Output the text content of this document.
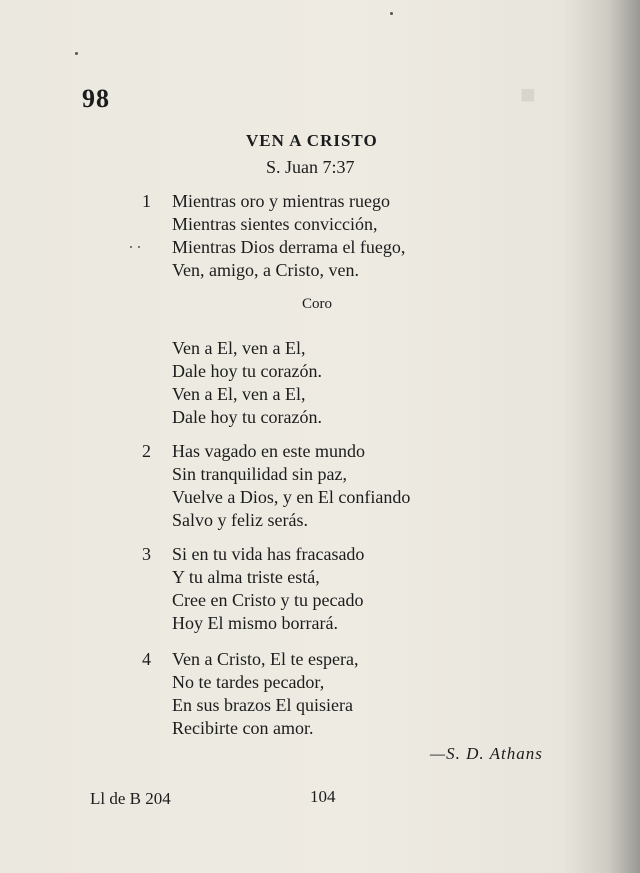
■
98
VEN A CRISTO
S. Juan 7:37
1 Mientras oro y mientras ruego
Mientras sientes convicción,
Mientras Dios derrama el fuego,
Ven, amigo, a Cristo, ven.
Coro
Ven a El, ven a El,
Dale hoy tu corazón.
Ven a El, ven a El,
Dale hoy tu corazón.
2 Has vagado en este mundo
Sin tranquilidad sin paz,
Vuelve a Dios, y en El confiando
Salvo y feliz serás.
3 Si en tu vida has fracasado
Y tu alma triste está,
Cree en Cristo y tu pecado
Hoy El mismo borrará.
4 Ven a Cristo, El te espera,
No te tardes pecador,
En sus brazos El quisiera
Recibirte con amor.
—S. D. Athans
Ll de B 204	104
